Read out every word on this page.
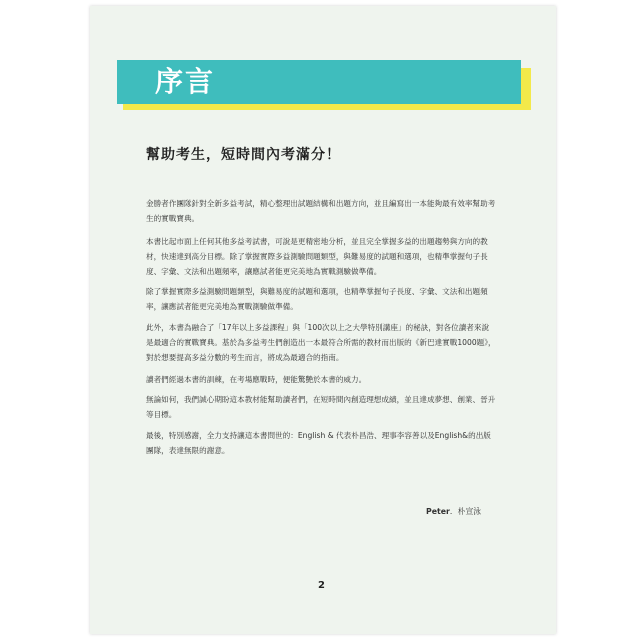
序言
幫助考生，短時間內考滿分！

金勝者作團隊針對全新多益考試，精心整理出試題結構和出題方向，並且編寫出一本能夠最有效率幫助考生的實戰寶典。

本書比起市面上任何其他多益考試書，可說是更精密地分析，並且完全掌握多益的出題趨勢與方向的教材，快速達到高分目標。除了掌握實際多益測驗問題類型，與難易度的試題和選項，也精準掌握句子長度、字彙、文法和出題頻率，讓應試者能更完美地為實戰測驗做準備。

除了掌握實際多益測驗問題類型，與難易度的試題和選項，也精準掌握句子長度、字彙、文法和出題頻率，讓應試者能更完美地為實戰測驗做準備。

此外，本書為融合了「17年以上多益課程」與「100次以上之大學特別講座」的秘訣，對各位讀者來說是最適合的實戰寶典。基於為多益考生們創造出一本最符合所需的教材而出版的《新巴達實戰1000題》，對於想要提高多益分數的考生而言，將成為最適合的指南。

讀者們經過本書的訓練，在考場應戰時，便能驚艷於本書的威力。

無論如何，我們誠心期盼這本教材能幫助讀者們，在短時間內創造理想成績，並且達成夢想、創業、晉升等目標。

最後，特別感謝，全力支持讓這本書問世的：English & 代表朴昌浩、理事李容善以及English&的出版團隊，表達無限的謝意。

Peter．朴宣泳
2
